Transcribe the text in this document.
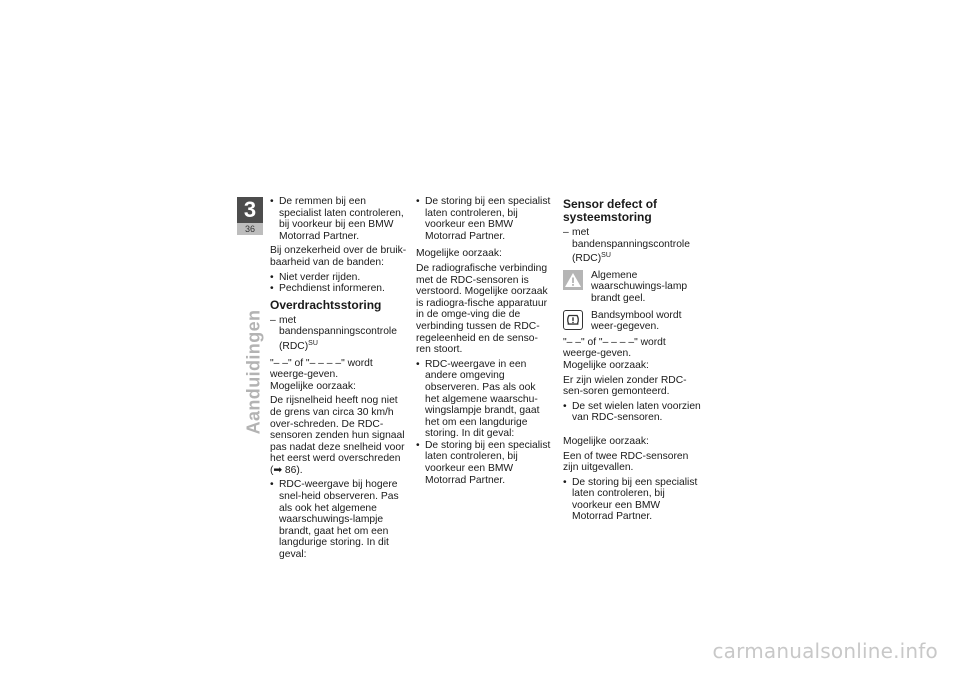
3
36
Aanduidingen
• De remmen bij een specialist laten controleren, bij voorkeur bij een BMW Motorrad Partner.

Bij onzekerheid over de bruik-baarheid van de banden:

• Niet verder rijden.
• Pechdienst informeren.
Overdrachtsstoring
– met bandenspanningscontrole (RDC)$^{SU}$

"– –" of "– – – –" wordt weerge-geven.

Mogelijke oorzaak:

De rijsnelheid heeft nog niet de grens van circa 30 km/h over-schreden. De RDC-sensoren zenden hun signaal pas nadat deze snelheid voor het eerst werd overschreden (➡ 86).

• RDC-weergave bij hogere snel-heid observeren. Pas als ook het algemene waarschuwings-lampje brandt, gaat het om een langdurige storing. In dit geval:
• De storing bij een specialist laten controleren, bij voorkeur een BMW Motorrad Partner.

Mogelijke oorzaak:

De radiografische verbinding met de RDC-sensoren is verstoord. Mogelijke oorzaak is radiogra-fische apparatuur in de omge-ving die de verbinding tussen de RDC-regeleenheid en de senso-ren stoort.

• RDC-weergave in een andere omgeving observeren. Pas als ook het algemene waarschu-wingslampje brandt, gaat het om een langdurige storing. In dit geval:
• De storing bij een specialist laten controleren, bij voorkeur een BMW Motorrad Partner.
Sensor defect of systeemstoring
– met bandenspanningscontrole (RDC)$^{SU}$
Algemene waarschuwings-lamp brandt geel.
Bandsymbool wordt weer-gegeven.

"– –" of "– – – –" wordt weerge-geven.

Mogelijke oorzaak:

Er zijn wielen zonder RDC-sen-soren gemonteerd.

• De set wielen laten voorzien van RDC-sensoren.

Mogelijke oorzaak:

Een of twee RDC-sensoren zijn uitgevallen.

• De storing bij een specialist laten controleren, bij voorkeur een BMW Motorrad Partner.
carmanualsonline.info
